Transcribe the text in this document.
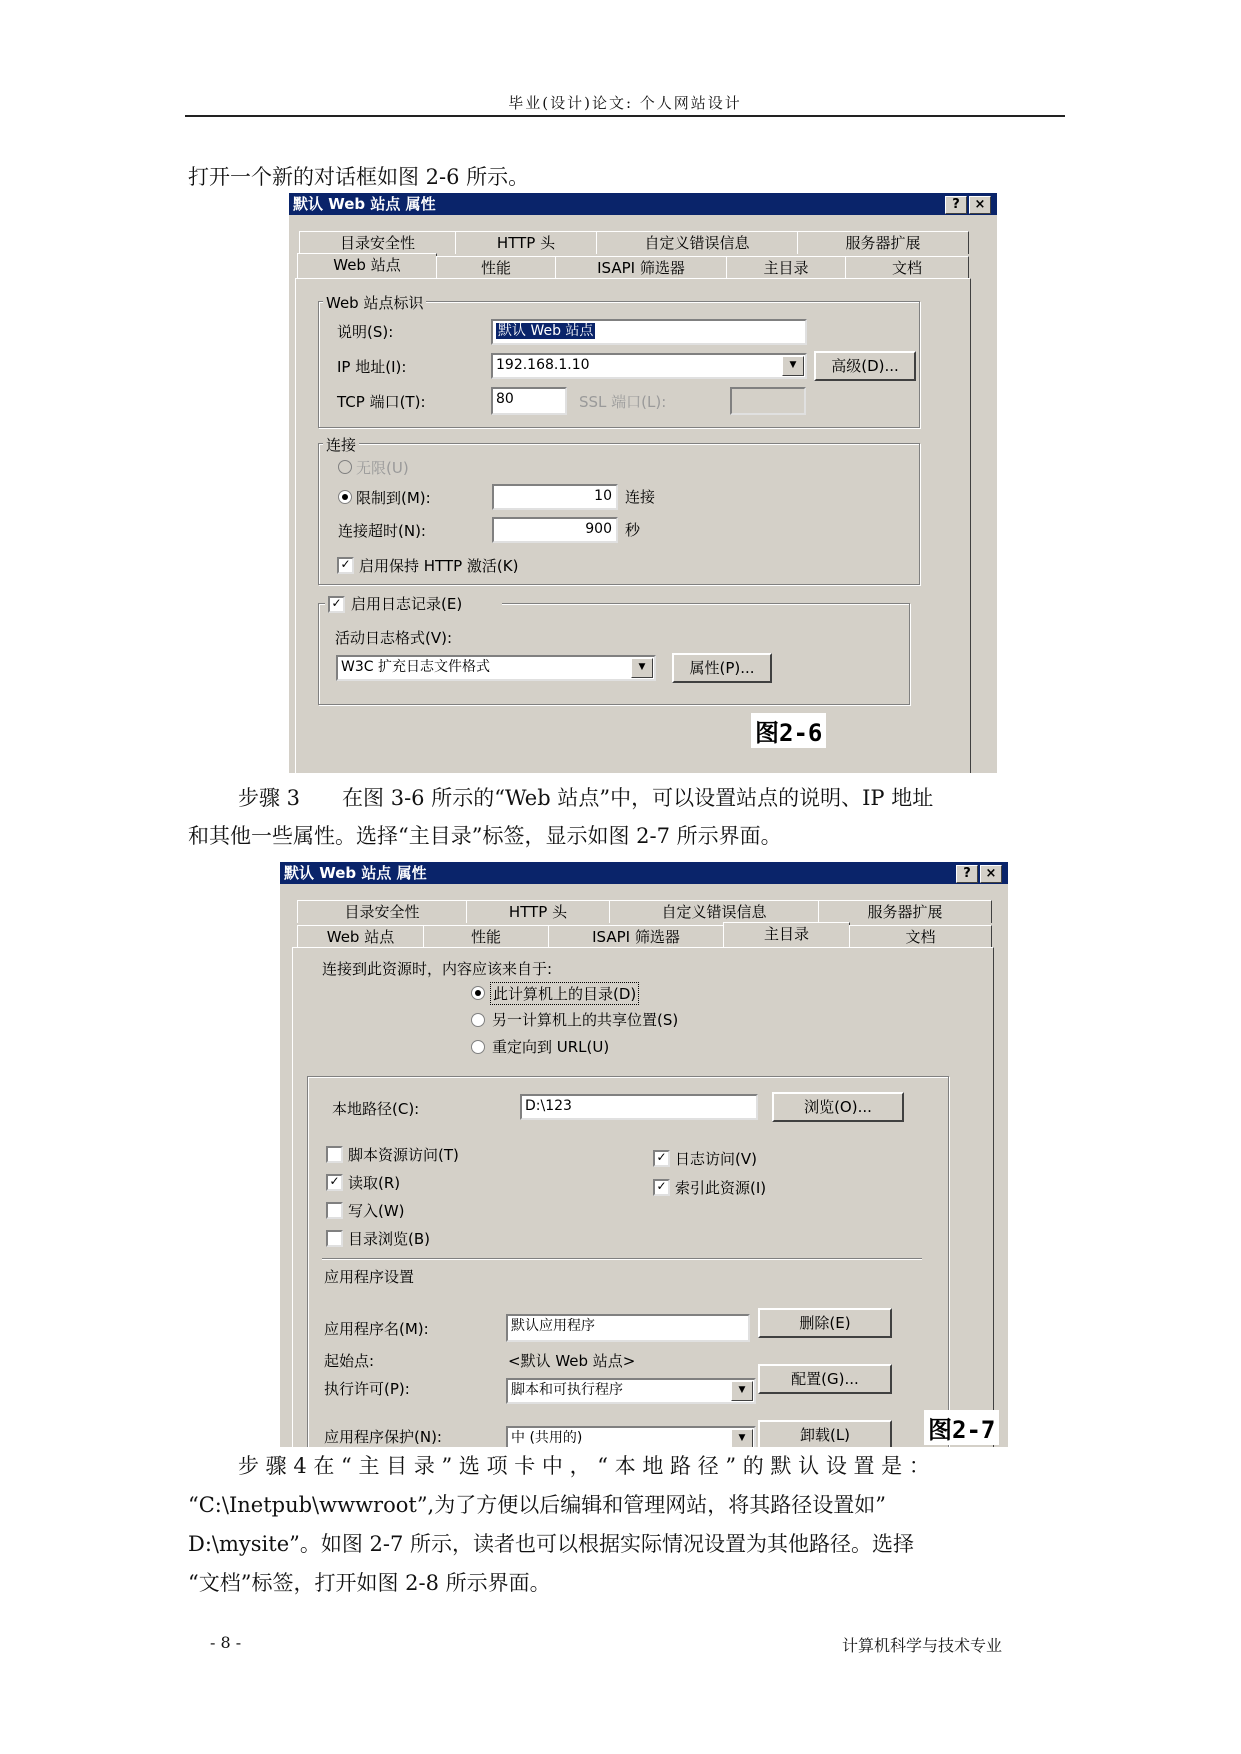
毕业(设计)论文: 个人网站设计
打开一个新的对话框如图 2-6 所示。
默认 Web 站点 属性	?	×
目录安全性	HTTP 头	自定义错误信息	服务器扩展
Web 站点	性能	ISAPI 筛选器	主目录	文档
Web 站点标识
说明(S):	默认 Web 站点
IP 地址(I):	192.168.1.10	▼	高级(D)...
TCP 端口(T):	80	SSL 端口(L):
连接
无限(U)
限制到(M):	10 连接
连接超时(N):	900 秒
✓ 启用保持 HTTP 激活(K)
✓ 启用日志记录(E)
活动日志格式(V):
W3C 扩充日志文件格式	▼	属性(P)...
图2-6
步骤 3　　在图 3-6 所示的“Web 站点”中，可以设置站点的说明、IP 地址
和其他一些属性。选择“主目录”标签，显示如图 2-7 所示界面。
默认 Web 站点 属性	?	×
目录安全性	HTTP 头	自定义错误信息	服务器扩展
Web 站点	性能	ISAPI 筛选器	主目录	文档
连接到此资源时，内容应该来自于:
此计算机上的目录(D)
另一计算机上的共享位置(S)
重定向到 URL(U)
本地路径(C):	D:\123	浏览(O)...
脚本资源访问(T)
✓ 读取(R)
写入(W)
目录浏览(B)
✓ 日志访问(V)
✓ 索引此资源(I)
应用程序设置
应用程序名(M):	默认应用程序	删除(E)
起始点:	<默认 Web 站点>
配置(G)...
执行许可(P):	脚本和可执行程序	▼
应用程序保护(N):	中 (共用的)	▼	卸载(L)	图2-7
步 骤 4 在 “ 主 目 录 ” 选 项 卡 中 ， “ 本 地 路 径 ” 的 默 认 设 置 是 ：
“C:\Inetpub\wwwroot”,为了方便以后编辑和管理网站，将其路径设置如”
D:\mysite”。如图 2-7 所示，读者也可以根据实际情况设置为其他路径。选择
“文档”标签，打开如图 2-8 所示界面。
- 8 -	计算机科学与技术专业
